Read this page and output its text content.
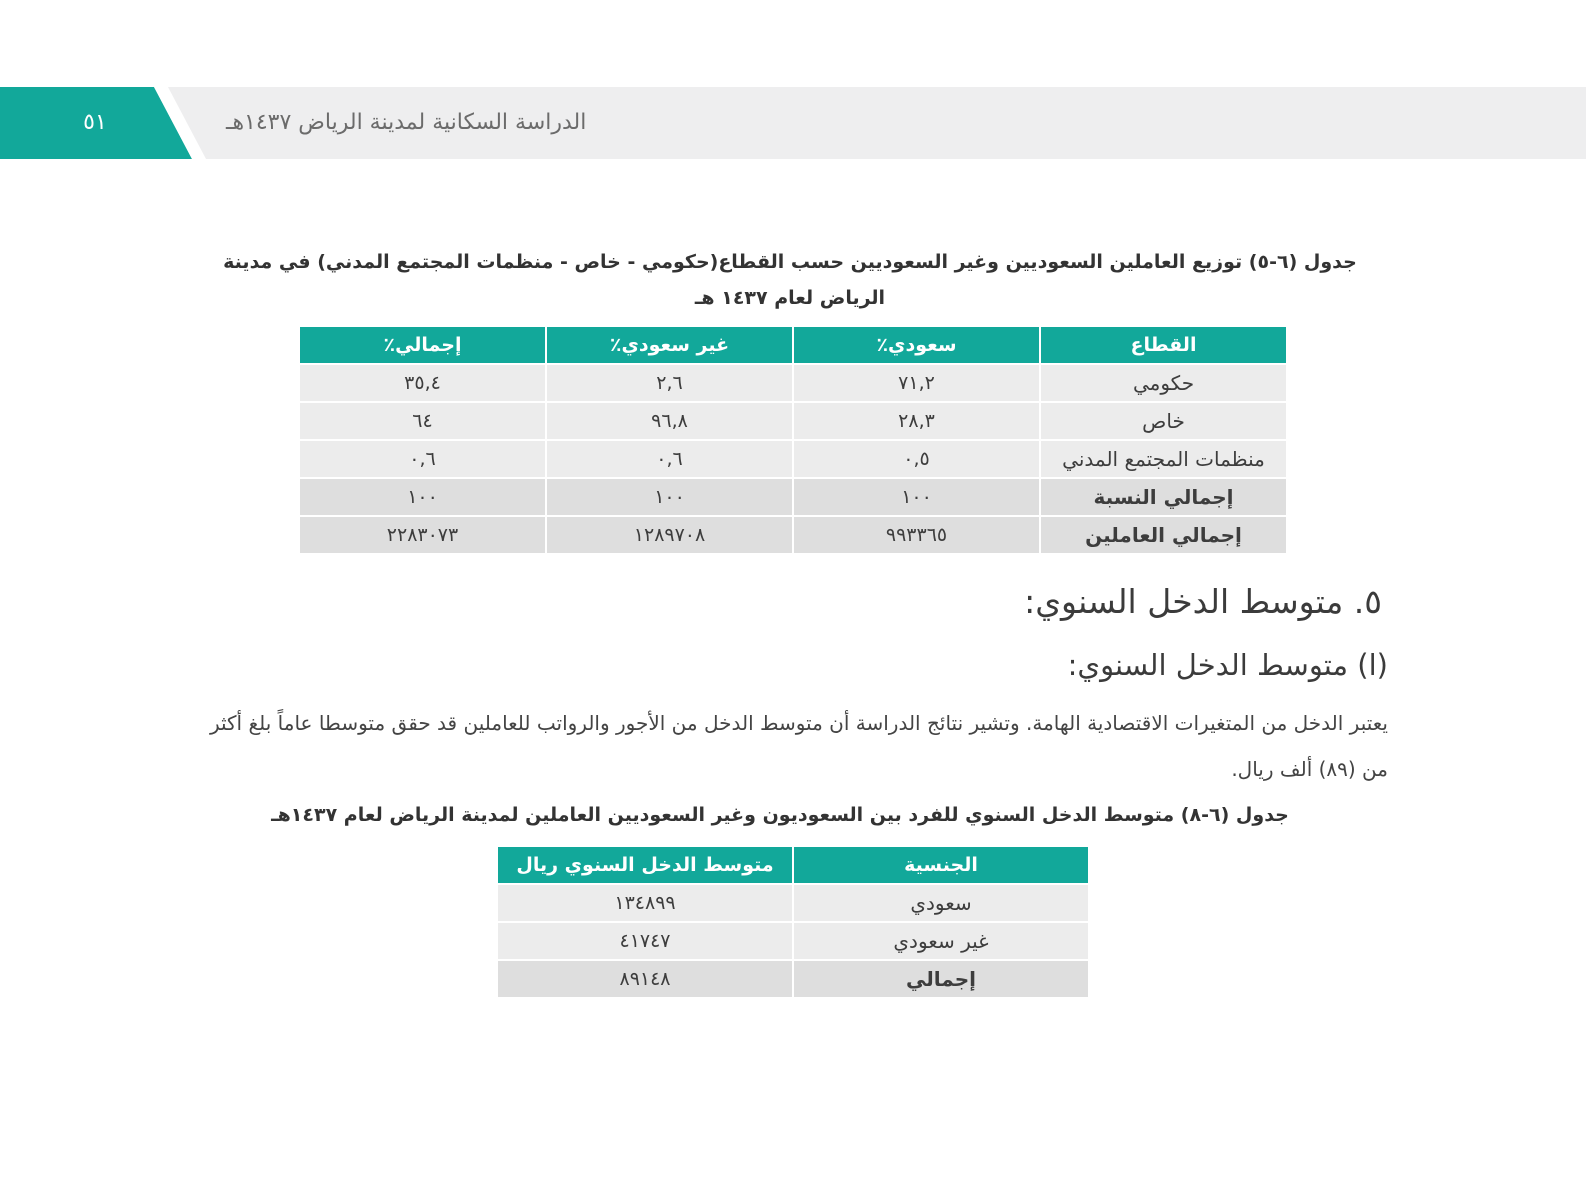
٥١	الدراسة السكانية لمدينة الرياض ١٤٣٧هـ
جدول (٦-٥) توزيع العاملين السعوديين وغير السعوديين حسب القطاع(حكومي - خاص - منظمات المجتمع المدني) في مدينة الرياض لعام ١٤٣٧ هـ
القطاع	سعودي٪	غير سعودي٪	إجمالي٪
حكومي	٧١,٢	٢,٦	٣٥,٤
خاص	٢٨,٣	٩٦,٨	٦٤
منظمات المجتمع المدني	٠,٥	٠,٦	٠,٦
إجمالي النسبة	١٠٠	١٠٠	١٠٠
إجمالي العاملين	٩٩٣٣٦٥	١٢٨٩٧٠٨	٢٢٨٣٠٧٣
٥. متوسط الدخل السنوي:
(ا) متوسط الدخل السنوي:
يعتبر الدخل من المتغيرات الاقتصادية الهامة. وتشير نتائج الدراسة أن متوسط الدخل من الأجور والرواتب للعاملين قد حقق متوسطا عاماً بلغ أكثر من (٨٩) ألف ريال.
جدول (٦-٨) متوسط الدخل السنوي للفرد بين السعوديون وغير السعوديين العاملين لمدينة الرياض لعام ١٤٣٧هـ
الجنسية	متوسط الدخل السنوي ريال
سعودي	١٣٤٨٩٩
غير سعودي	٤١٧٤٧
إجمالي	٨٩١٤٨
